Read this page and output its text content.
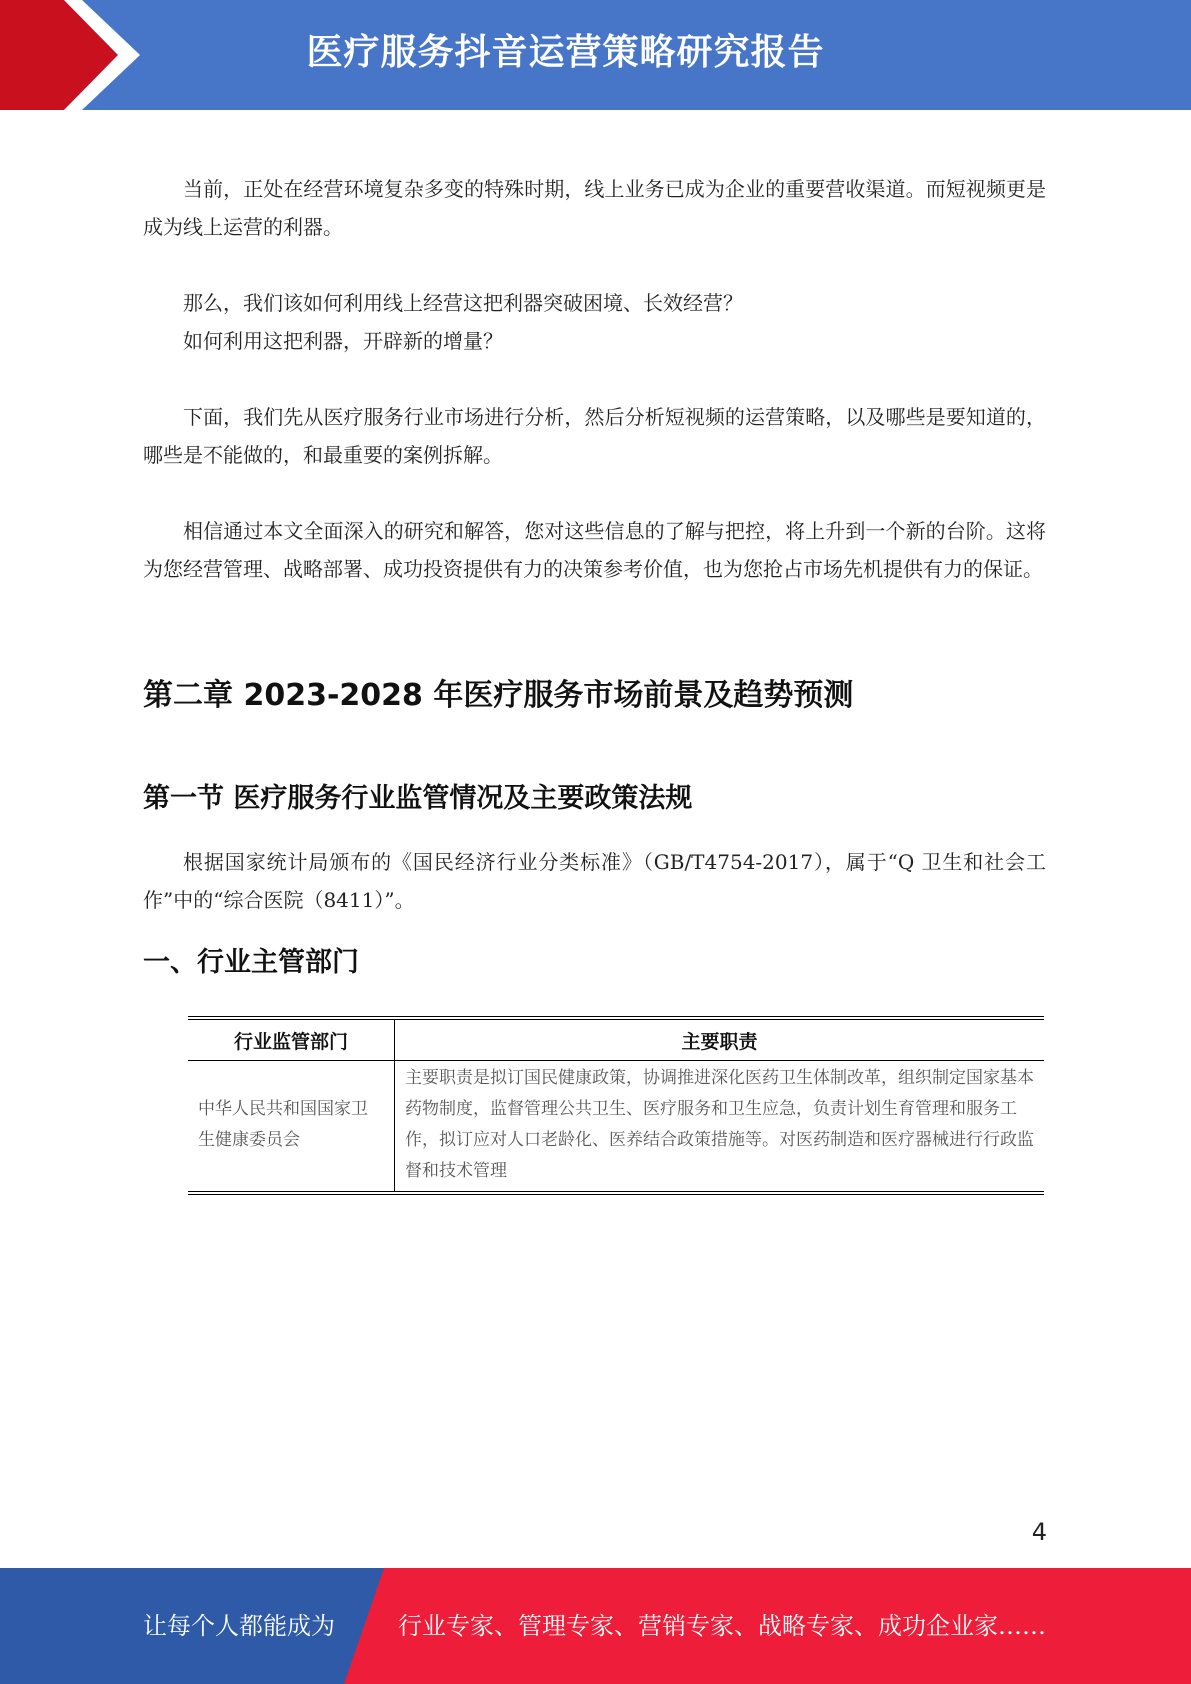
医疗服务抖音运营策略研究报告

当前，正处在经营环境复杂多变的特殊时期，线上业务已成为企业的重要营收渠道。而短视频更是成为线上运营的利器。

那么，我们该如何利用线上经营这把利器突破困境、长效经营？

如何利用这把利器，开辟新的增量？

下面，我们先从医疗服务行业市场进行分析，然后分析短视频的运营策略，以及哪些是要知道的，哪些是不能做的，和最重要的案例拆解。

相信通过本文全面深入的研究和解答，您对这些信息的了解与把控，将上升到一个新的台阶。这将为您经营管理、战略部署、成功投资提供有力的决策参考价值，也为您抢占市场先机提供有力的保证。

第二章 2023-2028 年医疗服务市场前景及趋势预测
第一节 医疗服务行业监管情况及主要政策法规

根据国家统计局颁布的《国民经济行业分类标准》（GB/T4754-2017），属于“Q 卫生和社会工作”中的“综合医院（8411）”。

一、行业主管部门
行业监管部门	主要职责
中华人民共和国国家卫生健康委员会	主要职责是拟订国民健康政策，协调推进深化医药卫生体制改革，组织制定国家基本药物制度，监督管理公共卫生、医疗服务和卫生应急，负责计划生育管理和服务工作，拟订应对人口老龄化、医养结合政策措施等。对医药制造和医疗器械进行行政监督和技术管理
4
让每个人都能成为	行业专家、管理专家、营销专家、战略专家、成功企业家……
